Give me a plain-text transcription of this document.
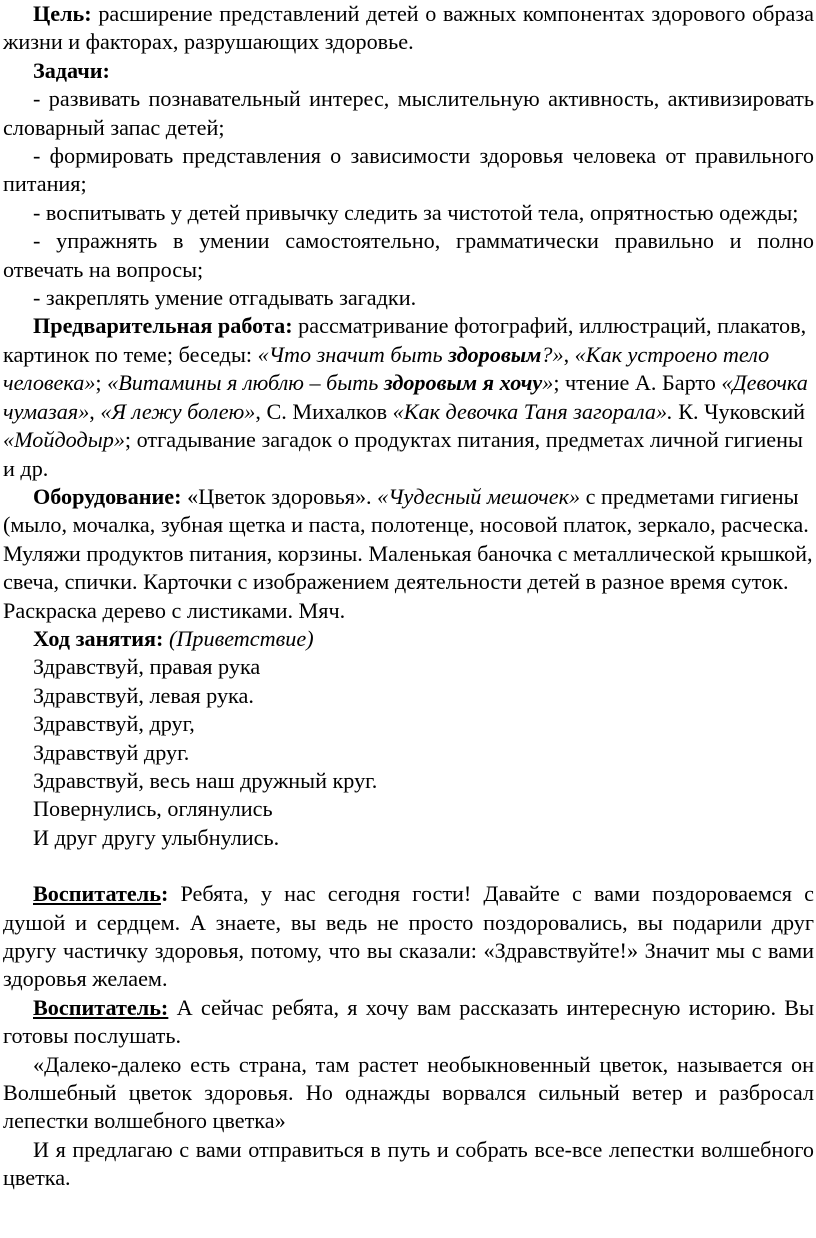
Цель: расширение представлений детей о важных компонентах здорового образа жизни и факторах, разрушающих здоровье.

Задачи:

- развивать познавательный интерес, мыслительную активность, активизировать словарный запас детей;

- формировать представления о зависимости здоровья человека от правильного питания;

- воспитывать у детей привычку следить за чистотой тела, опрятностью одежды;

- упражнять в умении самостоятельно, грамматически правильно и полно отвечать на вопросы;

- закреплять умение отгадывать загадки.

Предварительная работа: рассматривание фотографий, иллюстраций, плакатов, картинок по теме; беседы: «Что значит быть здоровым?», «Как устроено тело человека»; «Витамины я люблю – быть здоровым я хочу»; чтение А. Барто «Девочка чумазая», «Я лежу болею», С. Михалков «Как девочка Таня загорала». К. Чуковский «Мойдодыр»; отгадывание загадок о продуктах питания, предметах личной гигиены и др.

Оборудование: «Цветок здоровья». «Чудесный мешочек» с предметами гигиены (мыло, мочалка, зубная щетка и паста, полотенце, носовой платок, зеркало, расческа. Муляжи продуктов питания, корзины. Маленькая баночка с металлической крышкой, свеча, спички. Карточки с изображением деятельности детей в разное время суток. Раскраска дерево с листиками. Мяч.

Ход занятия: (Приветствие)

Здравствуй, правая рука

Здравствуй, левая рука.

Здравствуй, друг,

Здравствуй друг.

Здравствуй, весь наш дружный круг.

Повернулись, оглянулись

И друг другу улыбнулись.

Воспитатель: Ребята, у нас сегодня гости! Давайте с вами поздороваемся с душой и сердцем. А знаете, вы ведь не просто поздоровались, вы подарили друг другу частичку здоровья, потому, что вы сказали: «Здравствуйте!» Значит мы с вами здоровья желаем.

Воспитатель: А сейчас ребята, я хочу вам рассказать интересную историю. Вы готовы послушать.

«Далеко-далеко есть страна, там растет необыкновенный цветок, называется он Волшебный цветок здоровья. Но однажды ворвался сильный ветер и разбросал лепестки волшебного цветка»

И я предлагаю с вами отправиться в путь и собрать все-все лепестки волшебного цветка.
